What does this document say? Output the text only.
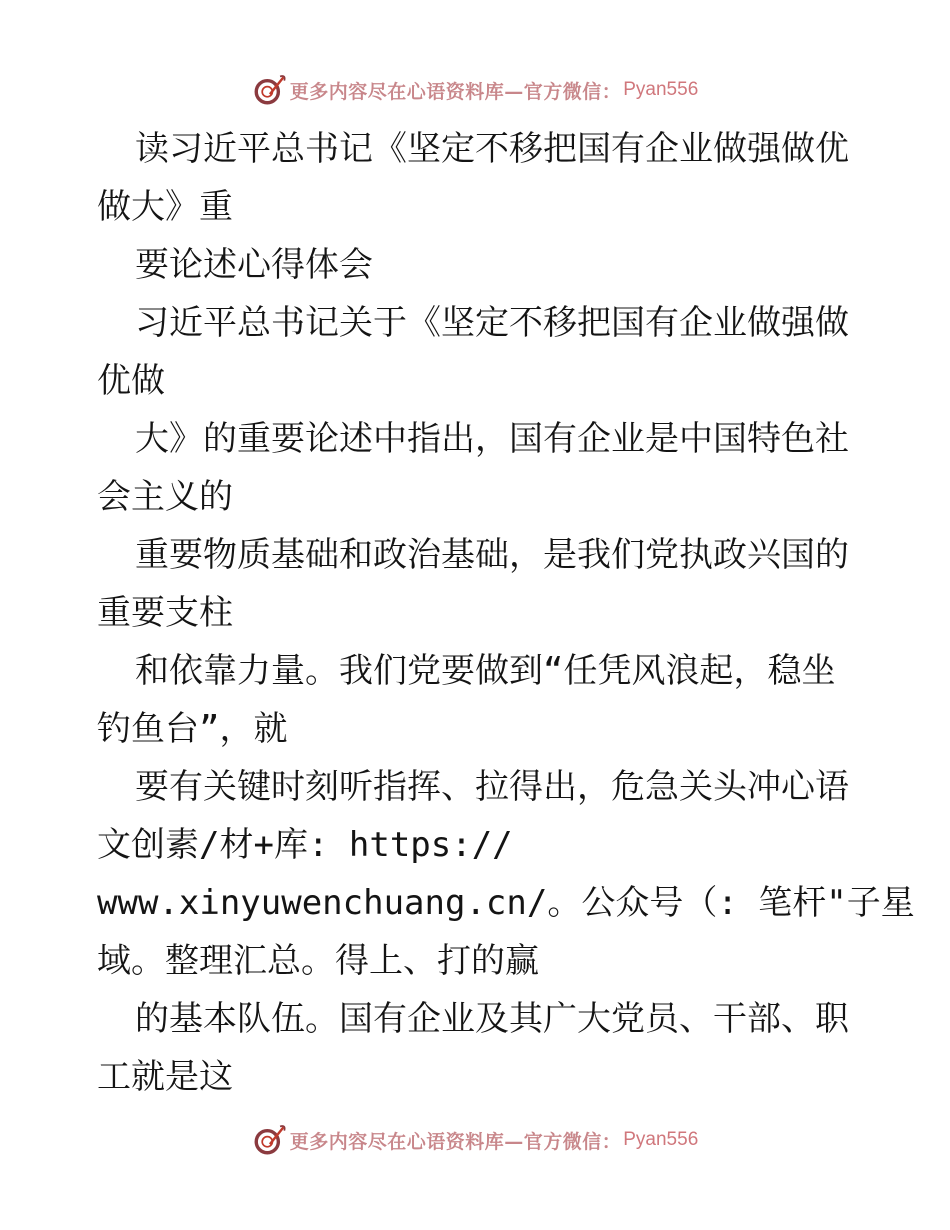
更多内容尽在心语资料库—官方微信： Pyan556
读习近平总书记《坚定不移把国有企业做强做优
做大》重
要论述心得体会
习近平总书记关于《坚定不移把国有企业做强做
优做
大》的重要论述中指出，国有企业是中国特色社
会主义的
重要物质基础和政治基础，是我们党执政兴国的
重要支柱
和依靠力量。我们党要做到“任凭风浪起，稳坐
钓鱼台”，就
要有关键时刻听指挥、拉得出，危急关头冲心语
文创素/材+库: https://
www.xinyuwenchuang.cn/。公众号（: 笔杆"子星
域。整理汇总。得上、打的赢
的基本队伍。国有企业及其广大党员、干部、职
工就是这
更多内容尽在心语资料库—官方微信： Pyan556
